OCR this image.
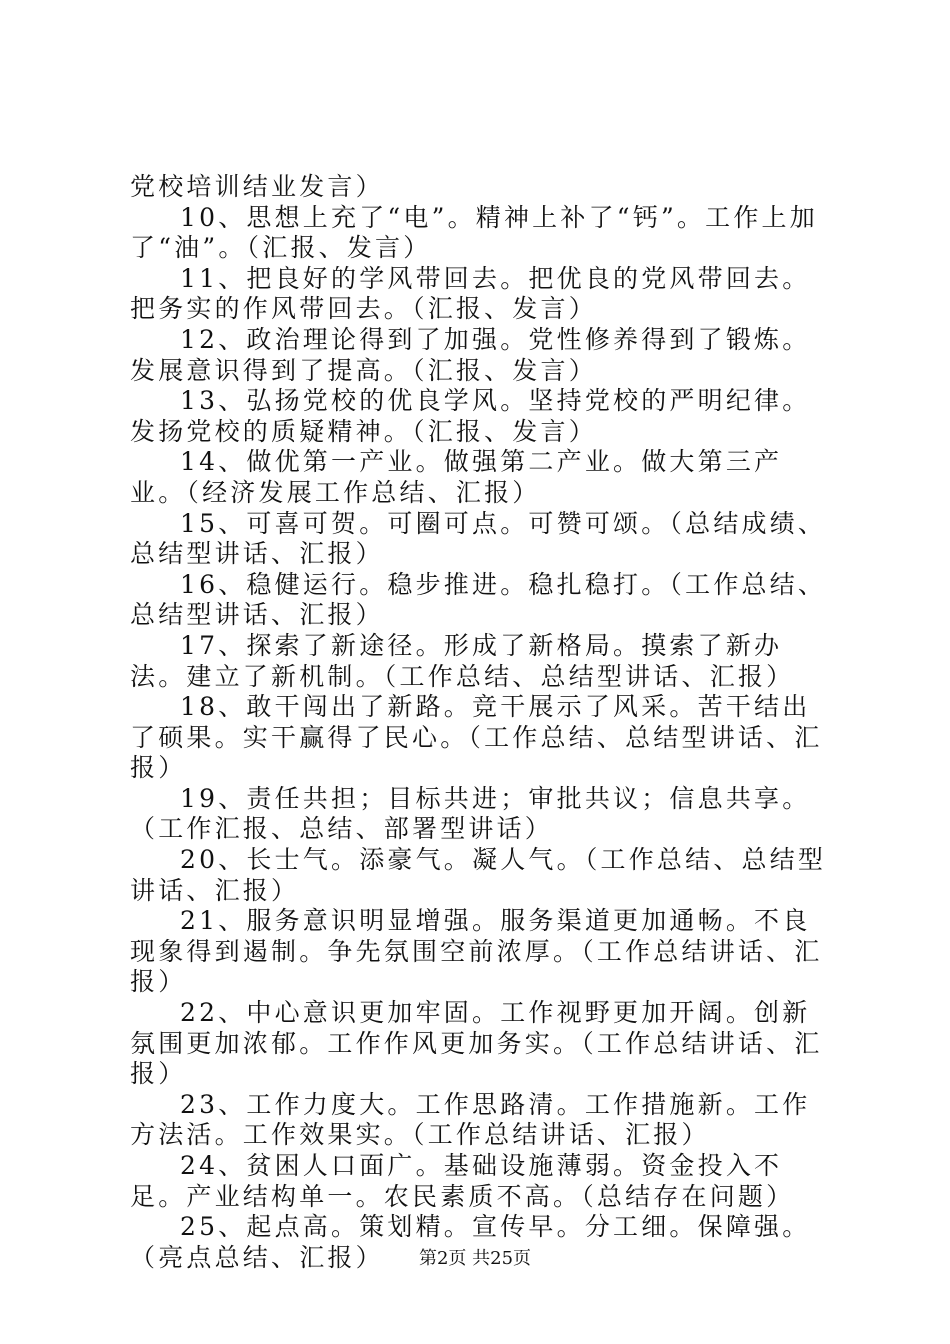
党校培训结业发言）

10、思想上充了“电”。精神上补了“钙”。工作上加了“油”。（汇报、发言）

11、把良好的学风带回去。把优良的党风带回去。把务实的作风带回去。（汇报、发言）

12、政治理论得到了加强。党性修养得到了锻炼。发展意识得到了提高。（汇报、发言）

13、弘扬党校的优良学风。坚持党校的严明纪律。发扬党校的质疑精神。（汇报、发言）

14、做优第一产业。做强第二产业。做大第三产业。（经济发展工作总结、汇报）

15、可喜可贺。可圈可点。可赞可颂。（总结成绩、总结型讲话、汇报）

16、稳健运行。稳步推进。稳扎稳打。（工作总结、总结型讲话、汇报）

17、探索了新途径。形成了新格局。摸索了新办法。建立了新机制。（工作总结、总结型讲话、汇报）

18、敢干闯出了新路。竞干展示了风采。苦干结出了硕果。实干赢得了民心。（工作总结、总结型讲话、汇报）

19、责任共担；目标共进；审批共议；信息共享。（工作汇报、总结、部署型讲话）

20、长士气。添豪气。凝人气。（工作总结、总结型讲话、汇报）

21、服务意识明显增强。服务渠道更加通畅。不良现象得到遏制。争先氛围空前浓厚。（工作总结讲话、汇报）

22、中心意识更加牢固。工作视野更加开阔。创新氛围更加浓郁。工作作风更加务实。（工作总结讲话、汇报）

23、工作力度大。工作思路清。工作措施新。工作方法活。工作效果实。（工作总结讲话、汇报）

24、贫困人口面广。基础设施薄弱。资金投入不足。产业结构单一。农民素质不高。（总结存在问题）

25、起点高。策划精。宣传早。分工细。保障强。（亮点总结、汇报）	第2页 共25页
